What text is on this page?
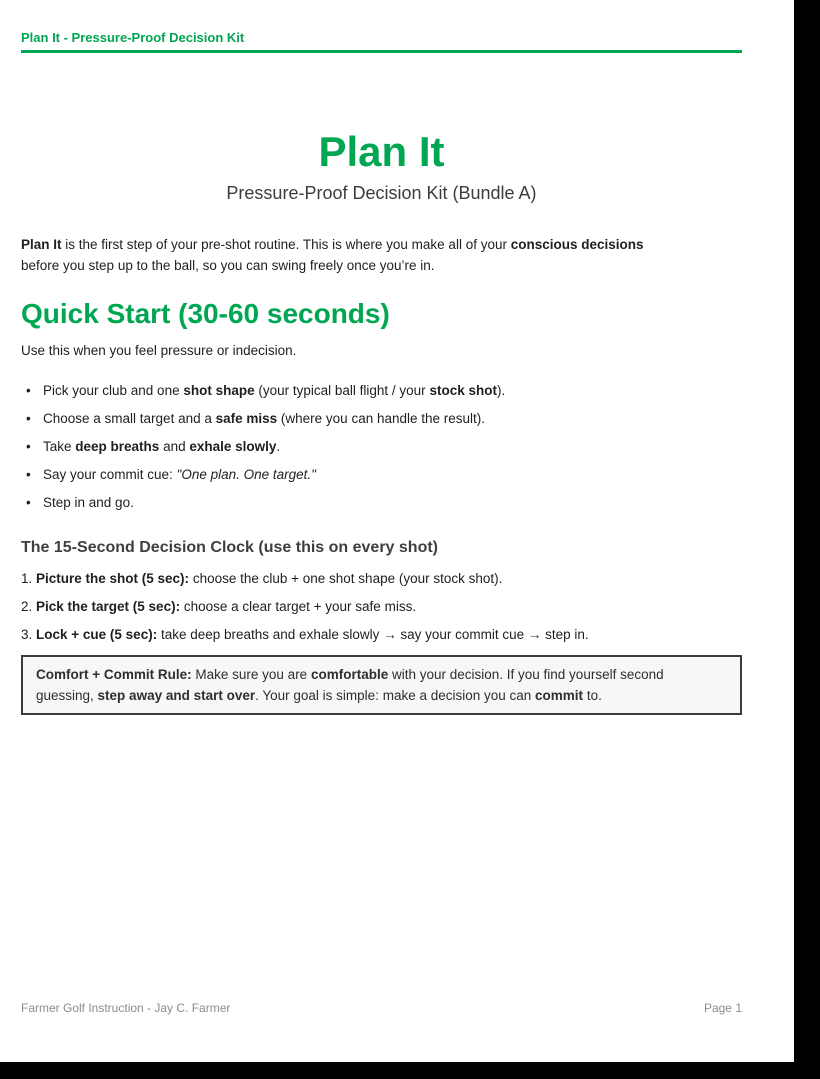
Plan It - Pressure-Proof Decision Kit
Plan It
Pressure-Proof Decision Kit (Bundle A)
Plan It is the first step of your pre-shot routine. This is where you make all of your conscious decisions
before you step up to the ball, so you can swing freely once you’re in.
Quick Start (30-60 seconds)
Use this when you feel pressure or indecision.
• Pick your club and one shot shape (your typical ball flight / your stock shot).
• Choose a small target and a safe miss (where you can handle the result).
• Take deep breaths and exhale slowly.
• Say your commit cue: "One plan. One target."
• Step in and go.
The 15-Second Decision Clock (use this on every shot)
1. Picture the shot (5 sec): choose the club + one shot shape (your stock shot).
2. Pick the target (5 sec): choose a clear target + your safe miss.
3. Lock + cue (5 sec): take deep breaths and exhale slowly → say your commit cue → step in.
Comfort + Commit Rule: Make sure you are comfortable with your decision. If you find yourself second
guessing, step away and start over. Your goal is simple: make a decision you can commit to.
Farmer Golf Instruction - Jay C. Farmer	Page 1
